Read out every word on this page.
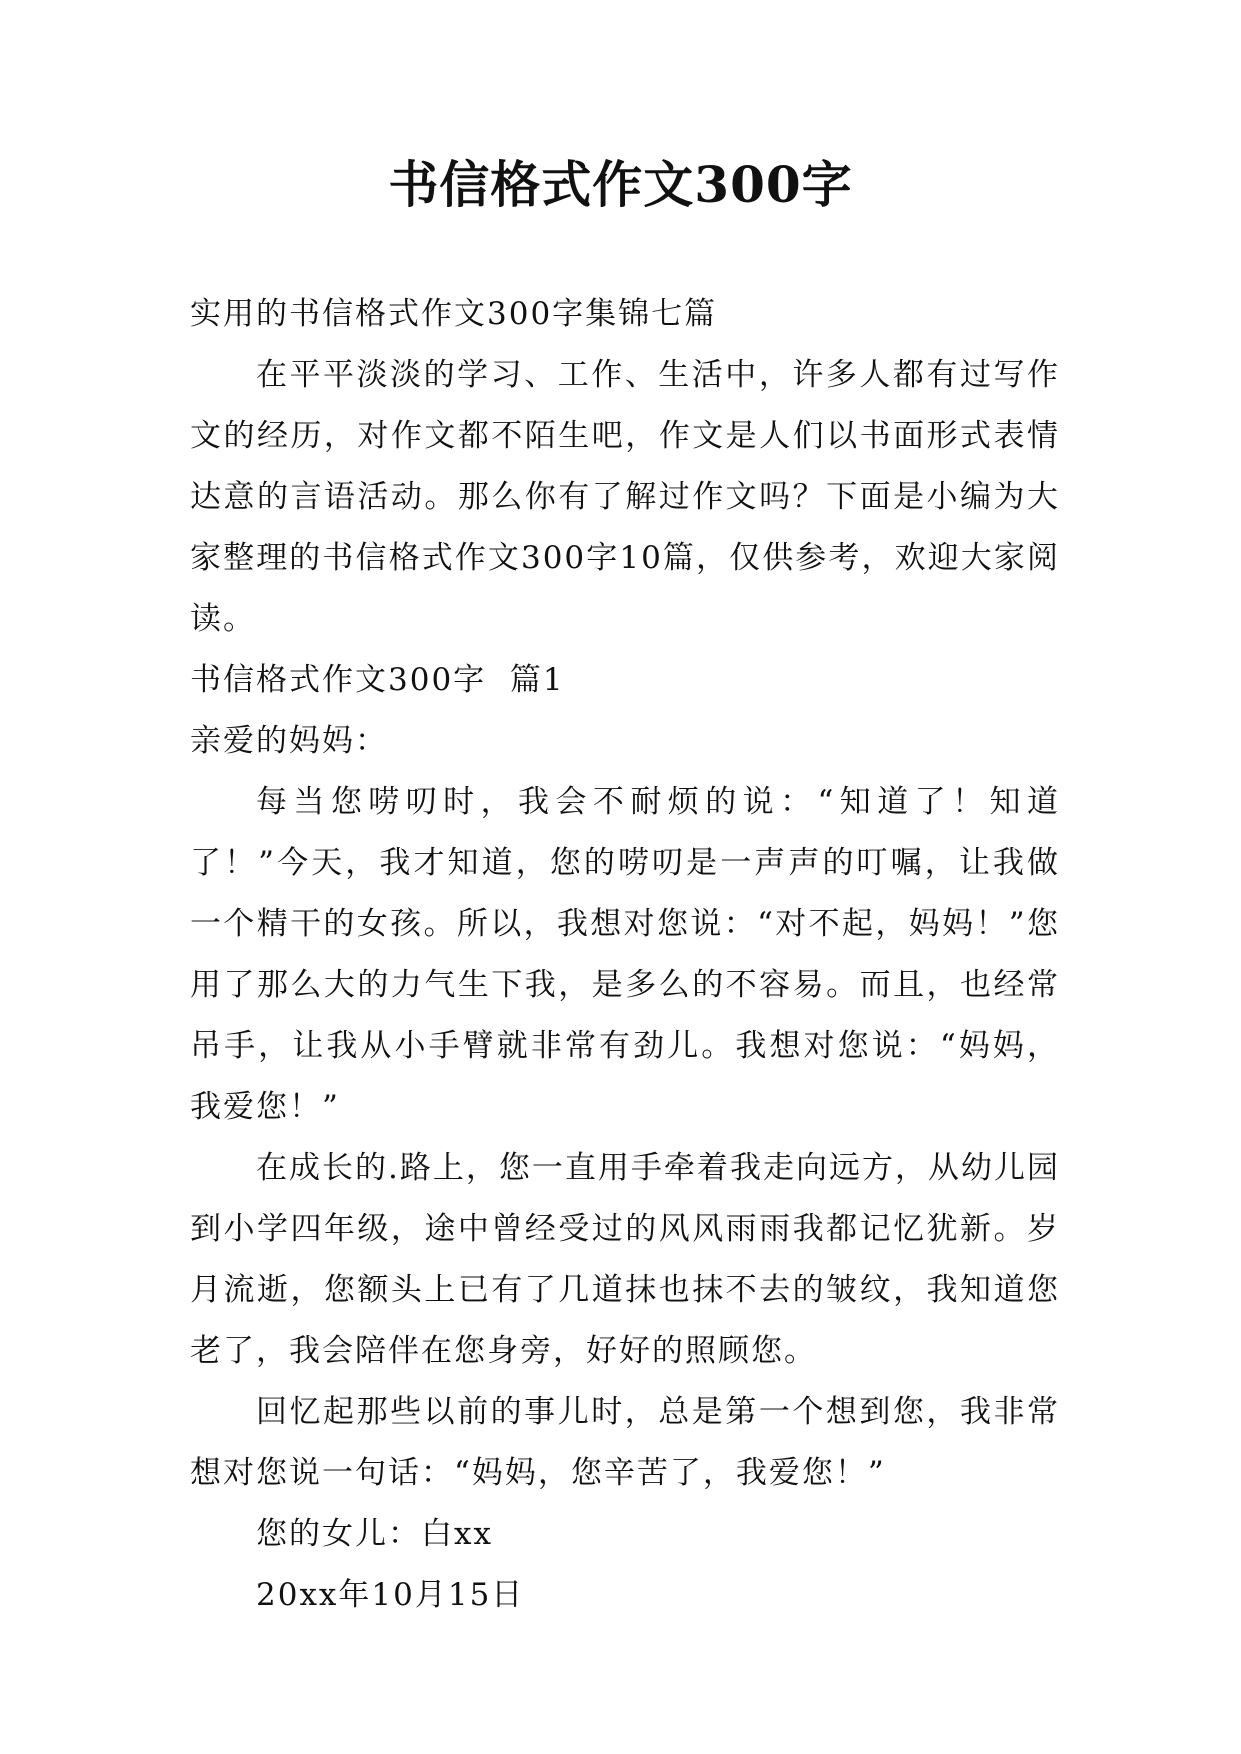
书信格式作文300字

实用的书信格式作文300字集锦七篇

在平平淡淡的学习、工作、生活中，许多人都有过写作文的经历，对作文都不陌生吧，作文是人们以书面形式表情达意的言语活动。那么你有了解过作文吗？下面是小编为大家整理的书信格式作文300字10篇，仅供参考，欢迎大家阅读。

书信格式作文300字  篇1

亲爱的妈妈：

每当您唠叨时，我会不耐烦的说：“知道了！知道了！”今天，我才知道，您的唠叨是一声声的叮嘱，让我做一个精干的女孩。所以，我想对您说：“对不起，妈妈！”您用了那么大的力气生下我，是多么的不容易。而且，也经常吊手，让我从小手臂就非常有劲儿。我想对您说：“妈妈，我爱您！”

在成长的.路上，您一直用手牵着我走向远方，从幼儿园到小学四年级，途中曾经受过的风风雨雨我都记忆犹新。岁月流逝，您额头上已有了几道抹也抹不去的皱纹，我知道您老了，我会陪伴在您身旁，好好的照顾您。

回忆起那些以前的事儿时，总是第一个想到您，我非常想对您说一句话：“妈妈，您辛苦了，我爱您！”

您的女儿：白xx

20xx年10月15日
